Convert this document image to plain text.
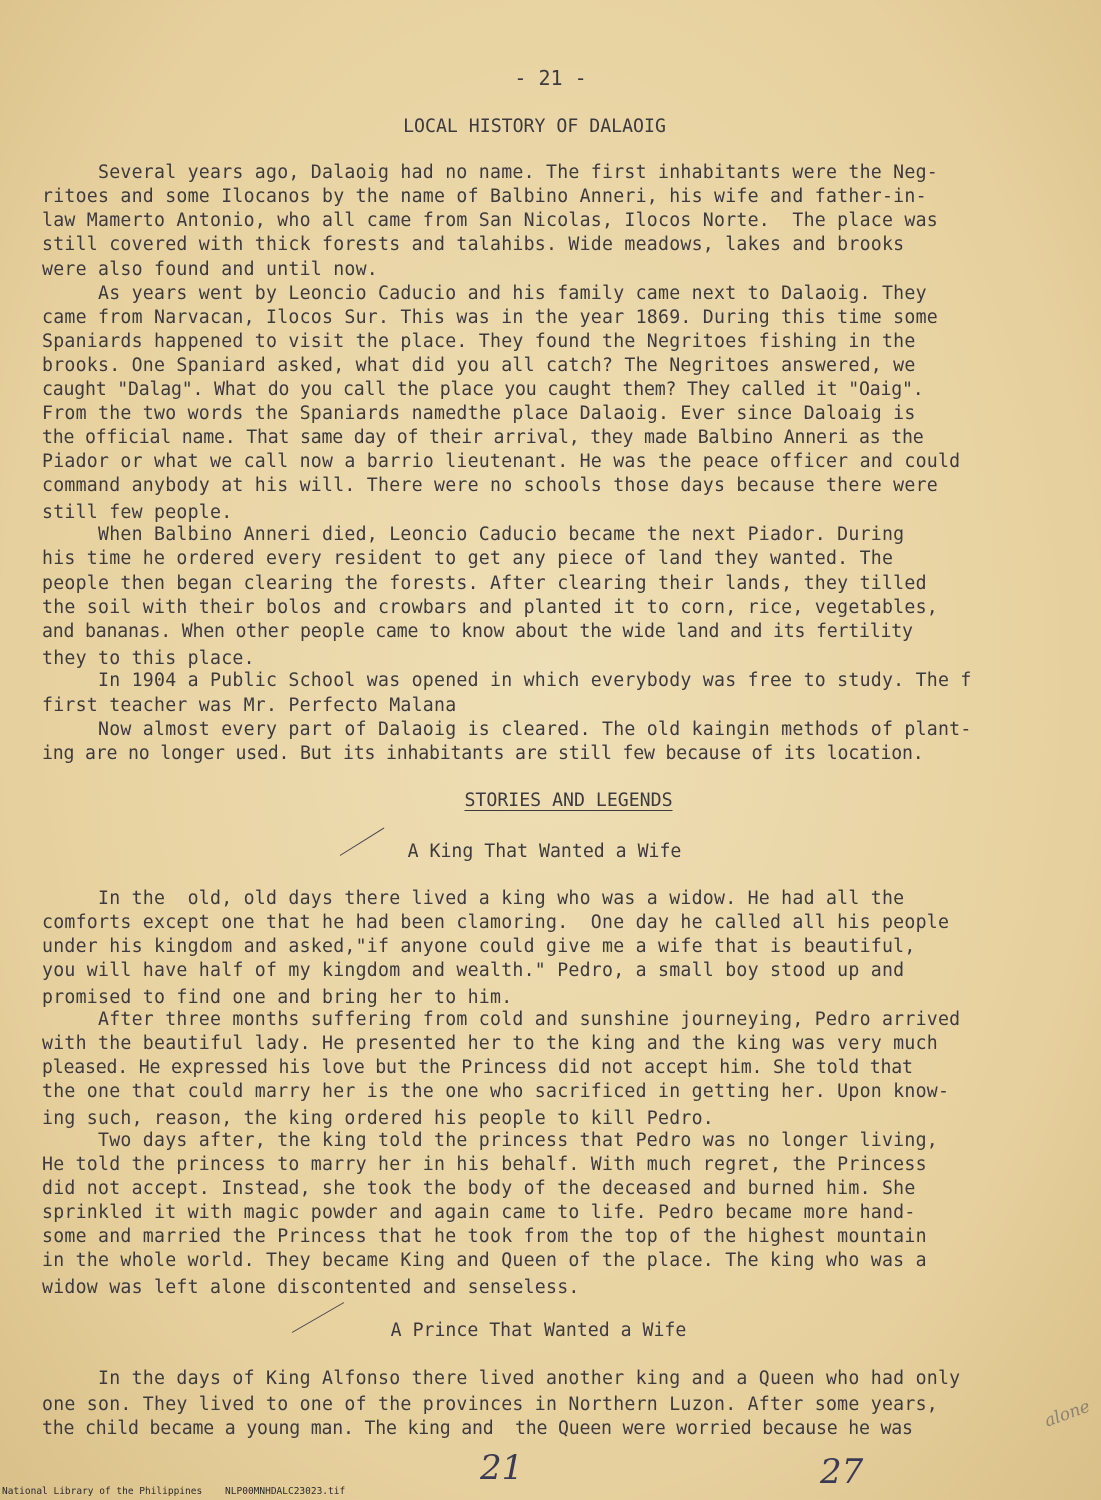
- 21 -
LOCAL HISTORY OF DALAOIG
Several years ago, Dalaoig had no name. The first inhabitants were the Neg-
ritoes and some Ilocanos by the name of Balbino Anneri, his wife and father-in-
law Mamerto Antonio, who all came from San Nicolas, Ilocos Norte.  The place was
still covered with thick forests and talahibs. Wide meadows, lakes and brooks
were also found and until now.
As years went by Leoncio Caducio and his family came next to Dalaoig. They
came from Narvacan, Ilocos Sur. This was in the year 1869. During this time some
Spaniards happened to visit the place. They found the Negritoes fishing in the
brooks. One Spaniard asked, what did you all catch? The Negritoes answered, we
caught "Dalag". What do you call the place you caught them? They called it "Oaig".
From the two words the Spaniards namedthe place Dalaoig. Ever since Daloaig is
the official name. That same day of their arrival, they made Balbino Anneri as the
Piador or what we call now a barrio lieutenant. He was the peace officer and could
command anybody at his will. There were no schools those days because there were
still few people.
When Balbino Anneri died, Leoncio Caducio became the next Piador. During
his time he ordered every resident to get any piece of land they wanted. The
people then began clearing the forests. After clearing their lands, they tilled
the soil with their bolos and crowbars and planted it to corn, rice, vegetables,
and bananas. When other people came to know about the wide land and its fertility
they to this place.
In 1904 a Public School was opened in which everybody was free to study. The f
first teacher was Mr. Perfecto Malana
Now almost every part of Dalaoig is cleared. The old kaingin methods of plant-
ing are no longer used. But its inhabitants are still few because of its location.
STORIES AND LEGENDS
A King That Wanted a Wife
In the  old, old days there lived a king who was a widow. He had all the
comforts except one that he had been clamoring.  One day he called all his people
under his kingdom and asked,"if anyone could give me a wife that is beautiful,
you will have half of my kingdom and wealth." Pedro, a small boy stood up and
promised to find one and bring her to him.
After three months suffering from cold and sunshine journeying, Pedro arrived
with the beautiful lady. He presented her to the king and the king was very much
pleased. He expressed his love but the Princess did not accept him. She told that
the one that could marry her is the one who sacrificed in getting her. Upon know-
ing such, reason, the king ordered his people to kill Pedro.
Two days after, the king told the princess that Pedro was no longer living,
He told the princess to marry her in his behalf. With much regret, the Princess
did not accept. Instead, she took the body of the deceased and burned him. She
sprinkled it with magic powder and again came to life. Pedro became more hand-
some and married the Princess that he took from the top of the highest mountain
in the whole world. They became King and Queen of the place. The king who was a
widow was left alone discontented and senseless.
A Prince That Wanted a Wife
In the days of King Alfonso there lived another king and a Queen who had only
one son. They lived to one of the provinces in Northern Luzon. After some years,
the child became a young man. The king and  the Queen were worried because he was	alone
21	27
National Library of the Philippines    NLP00MNHDALC23023.tif
